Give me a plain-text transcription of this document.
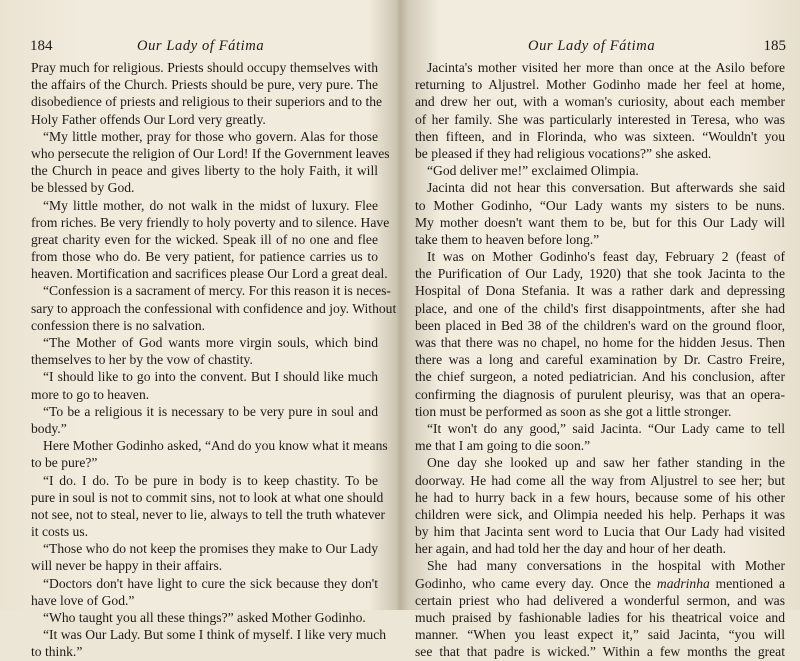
184	Our Lady of Fátima
Pray much for religious. Priests should occupy themselves with
the affairs of the Church. Priests should be pure, very pure. The
disobedience of priests and religious to their superiors and to the
Holy Father offends Our Lord very greatly.
“My little mother, pray for those who govern. Alas for those
who persecute the religion of Our Lord! If the Government leaves
the Church in peace and gives liberty to the holy Faith, it will
be blessed by God.
“My little mother, do not walk in the midst of luxury. Flee
from riches. Be very friendly to holy poverty and to silence. Have
great charity even for the wicked. Speak ill of no one and flee
from those who do. Be very patient, for patience carries us to
heaven. Mortification and sacrifices please Our Lord a great deal.
“Confession is a sacrament of mercy. For this reason it is neces-
sary to approach the confessional with confidence and joy. Without
confession there is no salvation.
“The Mother of God wants more virgin souls, which bind
themselves to her by the vow of chastity.
“I should like to go into the convent. But I should like much
more to go to heaven.
“To be a religious it is necessary to be very pure in soul and
body.”
Here Mother Godinho asked, “And do you know what it means
to be pure?”
“I do. I do. To be pure in body is to keep chastity. To be
pure in soul is not to commit sins, not to look at what one should
not see, not to steal, never to lie, always to tell the truth whatever
it costs us.
“Those who do not keep the promises they make to Our Lady
will never be happy in their affairs.
“Doctors don't have light to cure the sick because they don't
have love of God.”
“Who taught you all these things?” asked Mother Godinho.
“It was Our Lady. But some I think of myself. I like very much
to think.”
Our Lady of Fátima	185
Jacinta's mother visited her more than once at the Asilo before
returning to Aljustrel. Mother Godinho made her feel at home,
and drew her out, with a woman's curiosity, about each member
of her family. She was particularly interested in Teresa, who was
then fifteen, and in Florinda, who was sixteen. “Wouldn't you
be pleased if they had religious vocations?” she asked.
“God deliver me!” exclaimed Olimpia.
Jacinta did not hear this conversation. But afterwards she said
to Mother Godinho, “Our Lady wants my sisters to be nuns.
My mother doesn't want them to be, but for this Our Lady will
take them to heaven before long.”
It was on Mother Godinho's feast day, February 2 (feast of
the Purification of Our Lady, 1920) that she took Jacinta to the
Hospital of Dona Stefania. It was a rather dark and depressing
place, and one of the child's first disappointments, after she had
been placed in Bed 38 of the children's ward on the ground floor,
was that there was no chapel, no home for the hidden Jesus. Then
there was a long and careful examination by Dr. Castro Freire,
the chief surgeon, a noted pediatrician. And his conclusion, after
confirming the diagnosis of purulent pleurisy, was that an opera-
tion must be performed as soon as she got a little stronger.
“It won't do any good,” said Jacinta. “Our Lady came to tell
me that I am going to die soon.”
One day she looked up and saw her father standing in the
doorway. He had come all the way from Aljustrel to see her; but
he had to hurry back in a few hours, because some of his other
children were sick, and Olimpia needed his help. Perhaps it was
by him that Jacinta sent word to Lucia that Our Lady had visited
her again, and had told her the day and hour of her death.
She had many conversations in the hospital with Mother
Godinho, who came every day. Once the madrinha mentioned a
certain priest who had delivered a wonderful sermon, and was
much praised by fashionable ladies for his theatrical voice and
manner. “When you least expect it,” said Jacinta, “you will
see that that padre is wicked.” Within a few months the great
